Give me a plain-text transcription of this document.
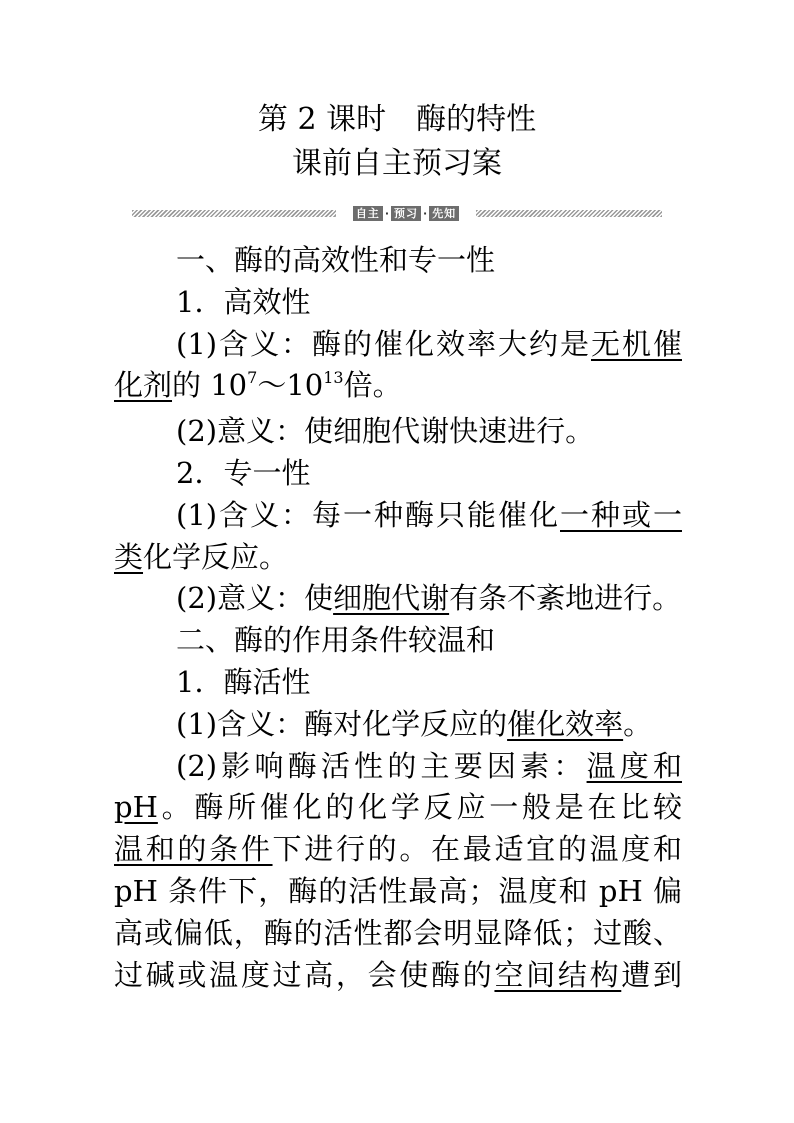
第 2 课时　酶的特性
课前自主预习案
自主 · 预习 · 先知
一、酶的高效性和专一性
1．高效性
(1)含义：酶的催化效率大约是无机催
化剂的 $10^7\sim 10^{13}$倍。
(2)意义：使细胞代谢快速进行。
2．专一性
(1)含义：每一种酶只能催化一种或一
类化学反应。
(2)意义：使细胞代谢有条不紊地进行。
二、酶的作用条件较温和
1．酶活性
(1)含义：酶对化学反应的催化效率。
(2)影响酶活性的主要因素：温度和
pH。酶所催化的化学反应一般是在比较
温和的条件下进行的。在最适宜的温度和
pH 条件下，酶的活性最高；温度和 pH 偏
高或偏低，酶的活性都会明显降低；过酸、
过碱或温度过高，会使酶的空间结构遭到
